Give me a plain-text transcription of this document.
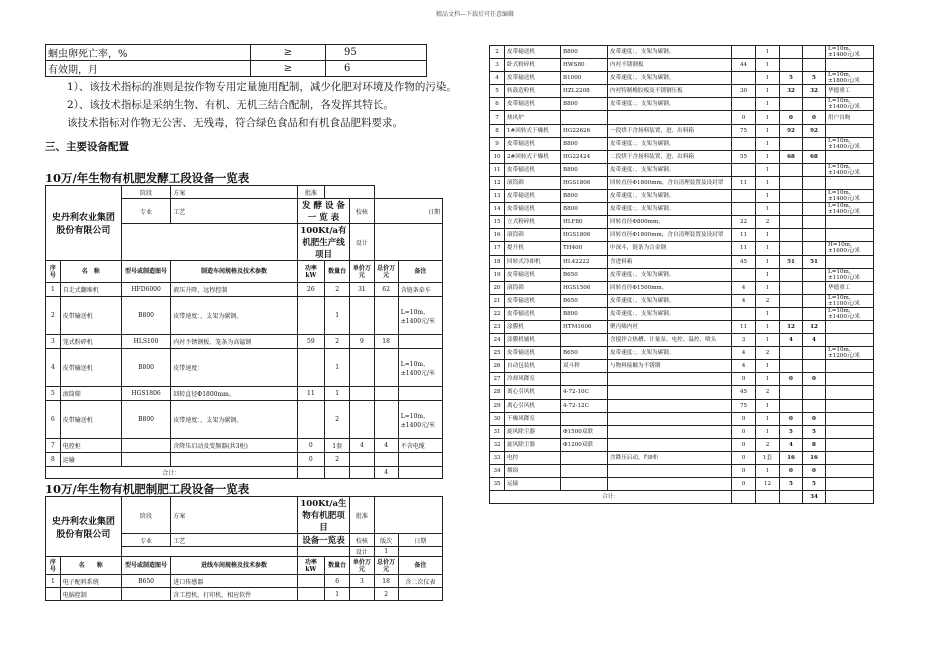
精品文档---下载后可任意编辑
蛔虫卵死亡率，%	≥	95
有效期，月	≥	6

1）、该技术指标的准则是按作物专用定量施用配制，减少化肥对环境及作物的污染。

2）、该技术指标是采纳生物、有机、无机三结合配制，各发挥其特长。

该技术指标对作物无公害、无残毒，符合绿色食品和有机食品肥料要求。

三、主要设备配置

10万/年生物有机肥发酵工段设备一览表

史丹利农业集团股份有限公司		阶段	方案	批准				
		专业	工艺	发 酵 设 备 一 览 表		校核	日期	
				100Kt/a有机肥生产线项目		设计		
序号	名　称	型号或制造图号	制造车间规格及技术参数	功率kW	数量台	单价万元	总价万元	备注
1	自走式翻堆机	HFD6000	液压升降、远程控制	26	2	31	62	含链条牵车
2	皮带输送机	B800	皮带速度：，支架为碳钢。		1			L=10m，±1400元/米
3	笼式粉碎机	HLS100	内衬不锈钢板、笼条为高锰钢	59	2	9	18	
4	皮带输送机	B800	皮带速度：		1			L=10m，±1400元/米
5	滚筒筛	HGS1806	回转直径Φ1800mm。	11	1			
6	皮带输送机	B800	皮带速度：，支架为碳钢。		2			L=10m，±1400元/米
7	电控柜		含降压启动及变频器(共3柜)	0	1套	4	4	不含电缆
8	运输			0	2			
合计：							4	

10万/年生物有机肥制肥工段设备一览表

史丹利农业集团股份有限公司		阶段	方案	100Kt/a生物有机肥项目		批准		
		专业	工艺	设备一览表		校核	版次	日期
						设计	1	
序号	名　　称	型号或制造图号	进线车间规格及技术参数	功率kW	数量台	单价万元	总价万元	备注
1	电子配料系统	B650	进口传感器		6	3	18	含二次仪表
	电脑控制		含工控机、打印机、相应软件		1		2	
2	皮带输送机	B800	皮带速度：，支架为碳钢。		1			L=10m，±1400元/米
3	卧式粉碎机	HWS80	内衬不锈钢板	44	1			
4	皮带输送机	B1000	皮带速度：，支架为碳钢。		1	5	5	L=10m，±1800元/米
5	转鼓造粒机	HZL2208	内衬特制橡胶板及不锈钢压板	30	1	32	32	华德重工
6	皮带输送机	B800	皮带速度：，支架为碳钢。		1			L=10m，±1400元/米
7	热风炉			0	1	0	0	用户自购
8	1#回转式干燥机	HG22626	一段烘干含扬料装置，进、出料箱	75	1	92	92	
9	皮带输送机	B800	皮带速度：，支架为碳钢。		1			L=10m，±1400元/米
10	2#回转式干燥机	HG22424	二段烘干含扬料装置，进、出料箱	55	1	68	68	
11	皮带输送机	B800	皮带速度：，支架为碳钢。		1			L=10m，±1400元/米
12	滚筒筛	HGS1806	回转直径Φ1800mm，含自清理装置及设封罩	11	1			
13	皮带输送机	B800	皮带速度：，支架为碳钢。		1			L=10m，±1400元/米
14	皮带输送机	B800	皮带速度：，支架为碳钢。		1			L=10m，±1400元/米
15	立式粉碎机	HLF80	回转直径Φ800mm。	22	2			
16	滚筒筛	HGS1806	回转直径Φ1800mm，含自清理装置及设封罩	11	1			
17	提升机	TH400	中深斗，链条为合金钢	11	1			H=10m，±1600元/米
18	回转式冷却机	HL42222	含进料箱	45	1	51	51	
19	皮带输送机	B650	皮带速度：，支架为碳钢。		1			L=10m，±1100元/米
20	滚筒筛	HGS1506	回转直径Φ1500mm。	4	1			华德重工
21	皮带输送机	B650	皮带速度：，支架为碳钢。	4	2			L=10m，±1100元/米
22	皮带输送机	B800	皮带速度：，支架为碳钢。		1			L=10m，±1400元/米
23	涂膜机	HTM1606	聚丙烯内衬	11	1	12	12	
24	涂膜机辅机		含搅拌合热槽、计量泵、电控、温控、喷头	3	1	4	4	
25	皮带输送机	B650	皮带速度：，支架为碳钢。	4	2			L=10m，±1200元/米
26	自动包装机	双斗秤	与物料接触为不锈钢	4	1			
27	冷却风降室			0	1	0	0	
28	离心引风机	4-72-10C		45	2			
29	离心引风机	4-72-12C		75	1			
30	干燥风降室			0	1	0	0	
31	旋风除尘器	Φ1500双联		0	1	5	5	
32	旋风除尘器	Φ1200双联		0	2	4	8	
33	电控		含降压启动，约8柜	0	1套	16	16	
34	烟囱			0	1	0	0	
35	运输			0	12	5	5	
合计：							34	
